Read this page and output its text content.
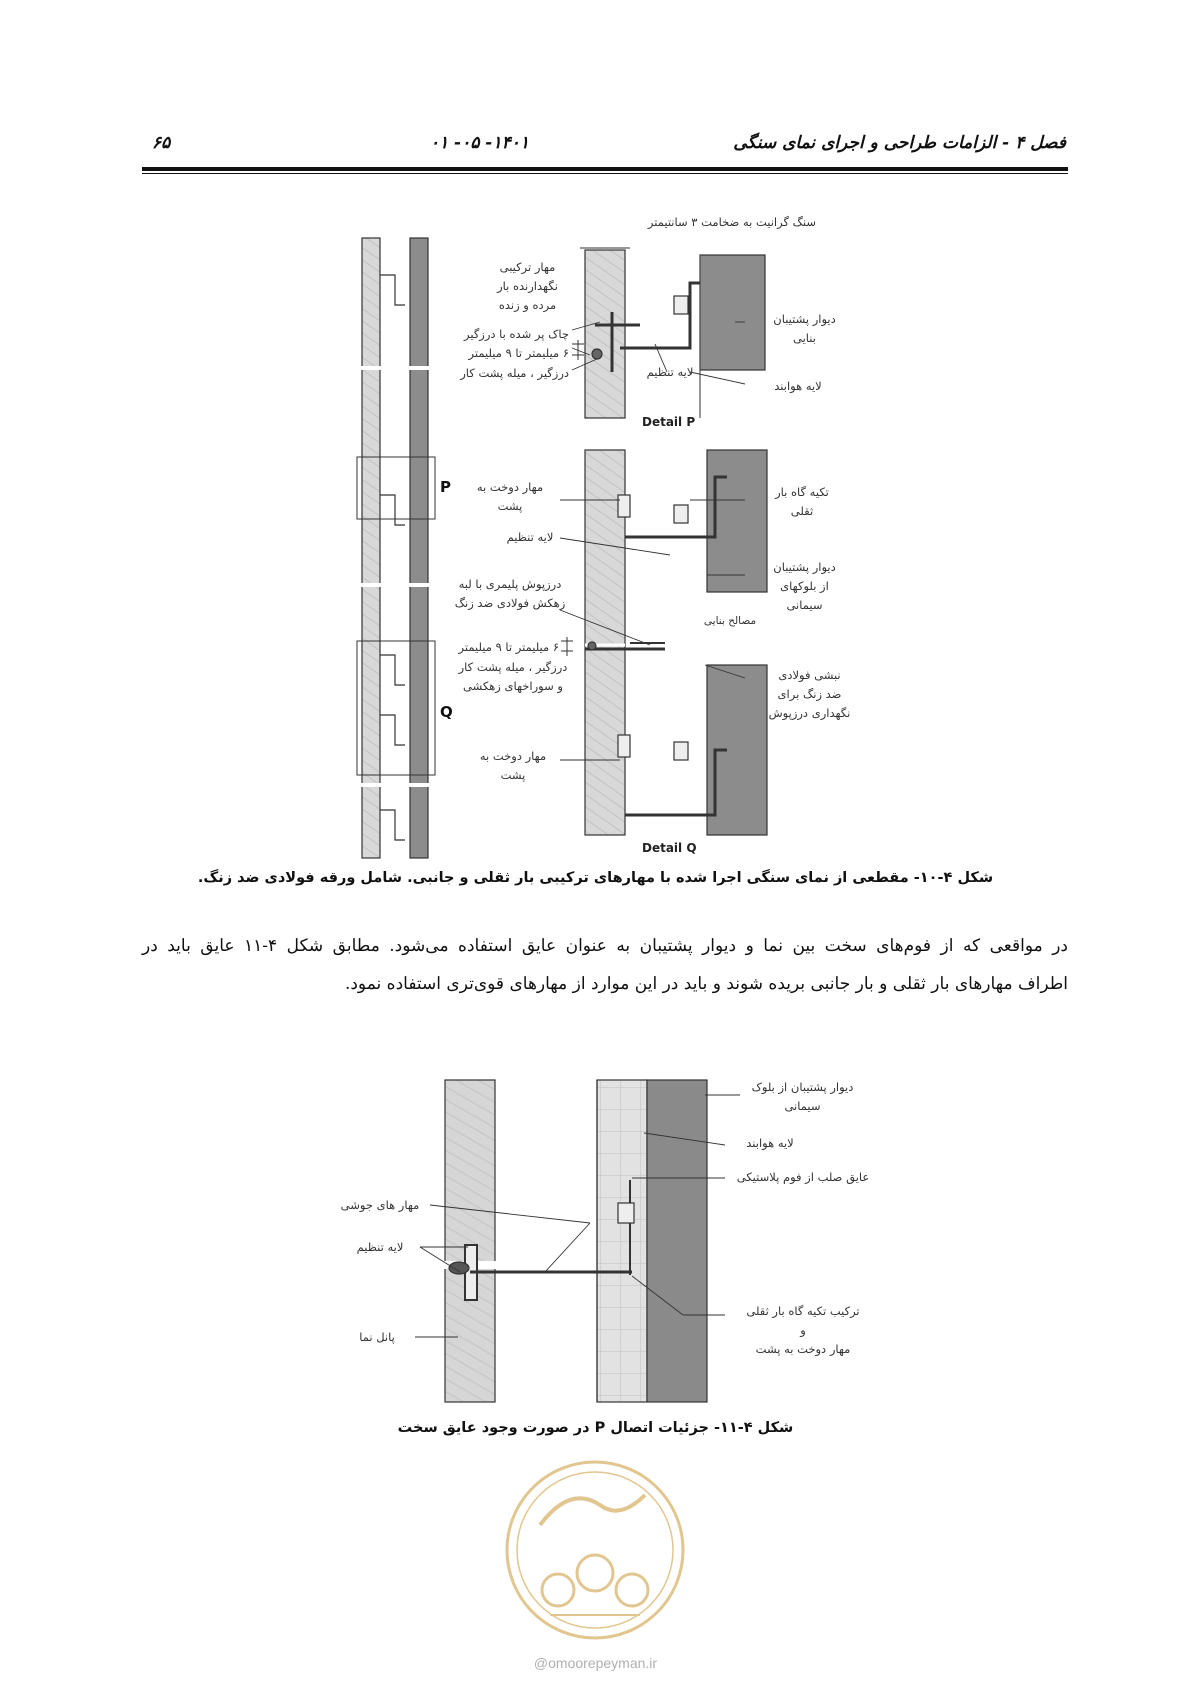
۶۵	۰۱ -۰۵ -۱۴۰۱	فصل ۴ - الزامات طراحی و اجرای نمای سنگی
سنگ گرانیت به ضخامت ۳ سانتیمتر
مهار ترکیبی
نگهدارنده بار
مرده و زنده
چاک پر شده با درزگیر
۶ میلیمتر تا ۹ میلیمتر
درزگیر ، میله پشت کار
دیوار پشتیبان
بنایی
لایه تنظیم
لایه هوابند
Detail P
P	مهار دوخت به
پشت
تکیه گاه بار
ثقلی
لایه تنظیم
دیوار پشتیبان
از بلوکهای
سیمانی
درزپوش پلیمری با لبه
زهکش فولادی ضد زنگ
مصالح بنایی
۶ میلیمتر تا ۹ میلیمتر
درزگیر ، میله پشت کار
و سوراخهای زهکشی
Q
نبشی فولادی
ضد زنگ برای
نگهداری درزپوش
مهار دوخت به
پشت
Detail Q
شکل ۴-۱۰- مقطعی از نمای سنگی اجرا شده با مهارهای ترکیبی بار ثقلی و جانبی. شامل ورقه فولادی ضد زنگ.
در مواقعی که از فوم‌های سخت بین نما و دیوار پشتیبان به عنوان عایق استفاده می‌شود. مطابق شکل ۴-۱۱ عایق باید در
اطراف مهارهای بار ثقلی و بار جانبی بریده شوند و باید در این موارد از مهارهای قوی‌تری استفاده نمود.
دیوار پشتیبان از بلوک
سیمانی
لایه هوابند
عایق صلب از فوم پلاستیکی
مهار های جوشی
لایه تنظیم
پانل نما
ترکیب تکیه گاه بار ثقلی
و
مهار دوخت به پشت
شکل ۴-۱۱- جزئیات اتصال P در صورت وجود عایق سخت
@omoorepeyman.ir
